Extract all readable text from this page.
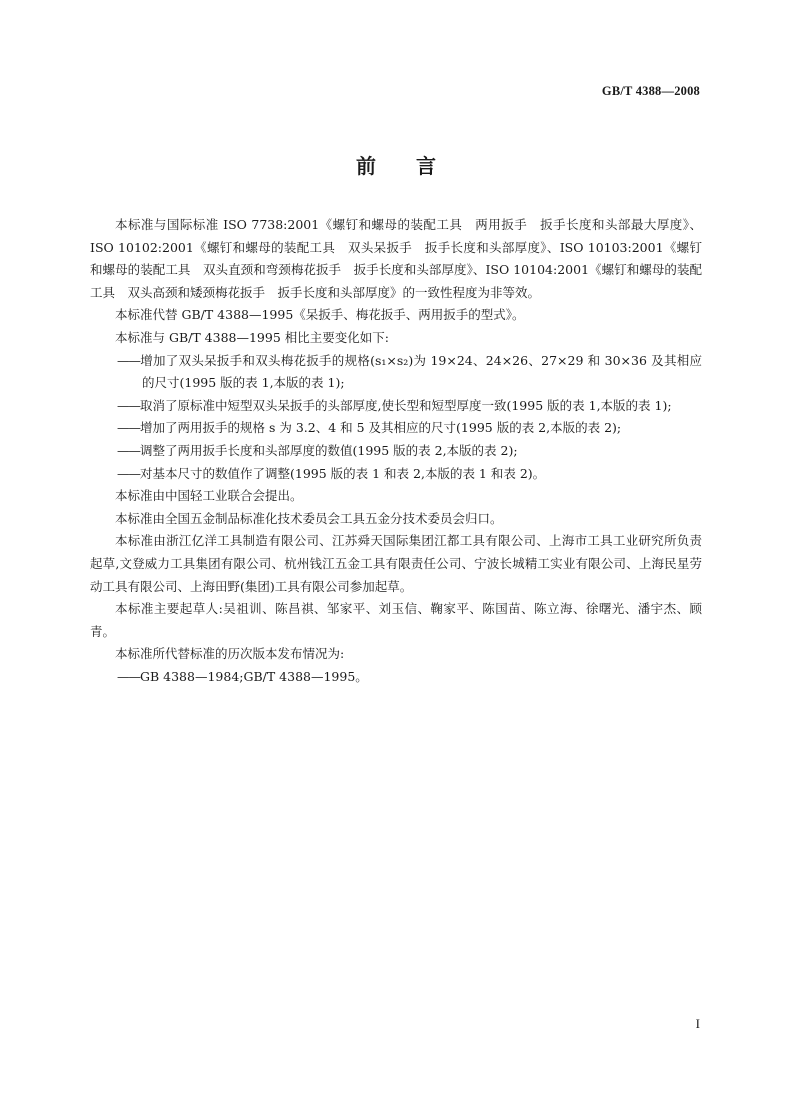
GB/T 4388—2008
前言

本标准与国际标准 ISO 7738:2001《螺钉和螺母的装配工具　两用扳手　扳手长度和头部最大厚度》、ISO 10102:2001《螺钉和螺母的装配工具　双头呆扳手　扳手长度和头部厚度》、ISO 10103:2001《螺钉和螺母的装配工具　双头直颈和弯颈梅花扳手　扳手长度和头部厚度》、ISO 10104:2001《螺钉和螺母的装配工具　双头高颈和矮颈梅花扳手　扳手长度和头部厚度》的一致性程度为非等效。

本标准代替 GB/T 4388—1995《呆扳手、梅花扳手、两用扳手的型式》。

本标准与 GB/T 4388—1995 相比主要变化如下:

——增加了双头呆扳手和双头梅花扳手的规格(s₁×s₂)为 19×24、24×26、27×29 和 30×36 及其相应的尺寸(1995 版的表 1,本版的表 1);

——取消了原标准中短型双头呆扳手的头部厚度,使长型和短型厚度一致(1995 版的表 1,本版的表 1);

——增加了两用扳手的规格 s 为 3.2、4 和 5 及其相应的尺寸(1995 版的表 2,本版的表 2);

——调整了两用扳手长度和头部厚度的数值(1995 版的表 2,本版的表 2);

——对基本尺寸的数值作了调整(1995 版的表 1 和表 2,本版的表 1 和表 2)。

本标准由中国轻工业联合会提出。

本标准由全国五金制品标准化技术委员会工具五金分技术委员会归口。

本标准由浙江亿洋工具制造有限公司、江苏舜天国际集团江都工具有限公司、上海市工具工业研究所负责起草,文登威力工具集团有限公司、杭州钱江五金工具有限责任公司、宁波长城精工实业有限公司、上海民星劳动工具有限公司、上海田野(集团)工具有限公司参加起草。

本标准主要起草人:吴祖训、陈昌祺、邹家平、刘玉信、鞠家平、陈国苗、陈立海、徐曙光、潘宇杰、顾青。

本标准所代替标准的历次版本发布情况为:

——GB 4388—1984;GB/T 4388—1995。

I
